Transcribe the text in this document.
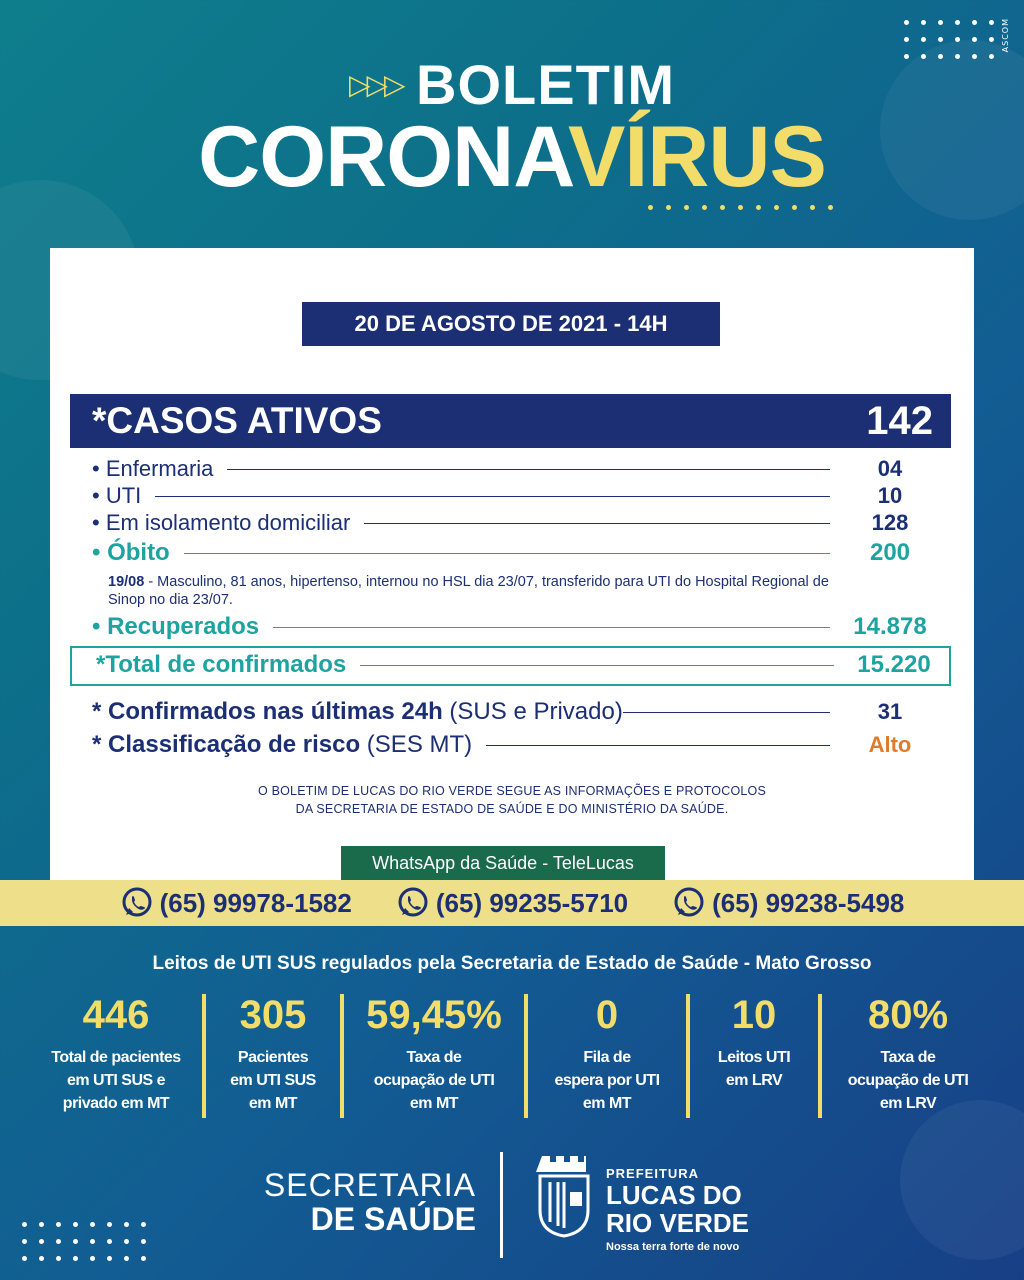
ASCOM
▷▷▷ BOLETIM
CORONAVÍRUS
20 DE AGOSTO DE 2021 - 14H
*CASOS ATIVOS	142
• Enfermaria	04
• UTI	10
• Em isolamento domiciliar	128
• Óbito	200
19/08 - Masculino, 81 anos, hipertenso, internou no HSL dia 23/07, transferido para UTI do Hospital Regional de Sinop no dia 23/07.
• Recuperados	14.878
*Total de confirmados	15.220
* Confirmados nas últimas 24h (SUS e Privado)	31
* Classificação de risco (SES MT)	Alto
O BOLETIM DE LUCAS DO RIO VERDE SEGUE AS INFORMAÇÕES E PROTOCOLOS
DA SECRETARIA DE ESTADO DE SAÚDE E DO MINISTÉRIO DA SAÚDE.
WhatsApp da Saúde - TeleLucas
(65) 99978-1582	(65) 99235-5710	(65) 99238-5498
Leitos de UTI SUS regulados pela Secretaria de Estado de Saúde - Mato Grosso
446
Total de pacientes
em UTI SUS e
privado em MT
305
Pacientes
em UTI SUS
em MT
59,45%
Taxa de
ocupação de UTI
em MT
0
Fila de
espera por UTI
em MT
10
Leitos UTI
em LRV
80%
Taxa de
ocupação de UTI
em LRV
SECRETARIA
DE SAÚDE
PREFEITURA
LUCAS DO
RIO VERDE
Nossa terra forte de novo
